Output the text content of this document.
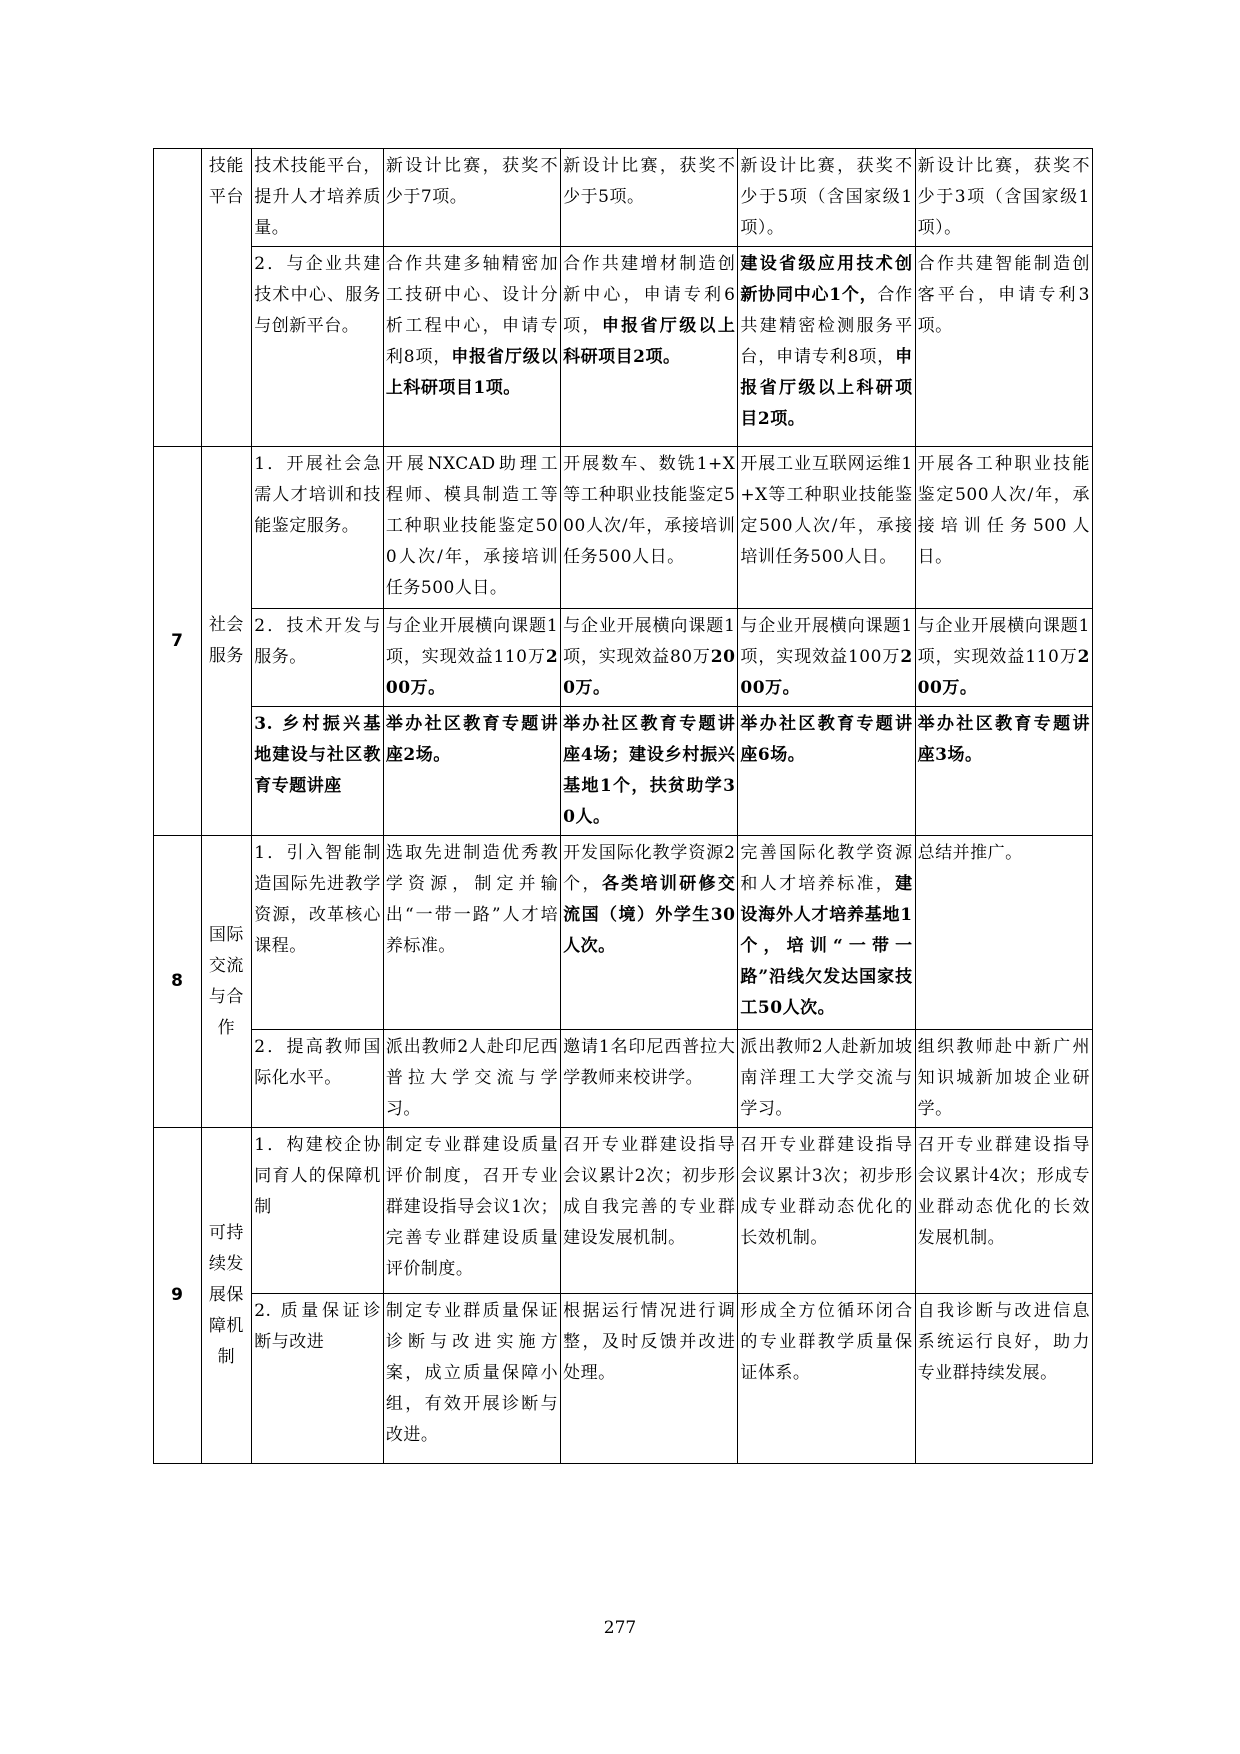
	技能平台	技术技能平台，提升人才培养质量。	新设计比赛，获奖不少于7项。	新设计比赛，获奖不少于5项。	新设计比赛，获奖不少于5项（含国家级1项）。	新设计比赛，获奖不少于3项（含国家级1项）。
		2．与企业共建技术中心、服务与创新平台。	合作共建多轴精密加工技研中心、设计分析工程中心，申请专利8项，申报省厅级以上科研项目1项。	合作共建增材制造创新中心，申请专利6项，申报省厅级以上科研项目2项。	建设省级应用技术创新协同中心1个，合作共建精密检测服务平台，申请专利8项，申报省厅级以上科研项目2项。	合作共建智能制造创客平台，申请专利3项。
7	社会服务	1．开展社会急需人才培训和技能鉴定服务。	开展NXCAD助理工程师、模具制造工等工种职业技能鉴定500人次/年，承接培训任务500人日。	开展数车、数铣1+X等工种职业技能鉴定500人次/年，承接培训任务500人日。	开展工业互联网运维1+X等工种职业技能鉴定500人次/年，承接培训任务500人日。	开展各工种职业技能鉴定500人次/年，承接培训任务500人日。
		2．技术开发与服务。	与企业开展横向课题1项，实现效益110万200万。	与企业开展横向课题1项，实现效益80万200万。	与企业开展横向课题1项，实现效益100万200万。	与企业开展横向课题1项，实现效益110万200万。
		3. 乡村振兴基地建设与社区教育专题讲座	举办社区教育专题讲座2场。	举办社区教育专题讲座4场；建设乡村振兴基地1个，扶贫助学30人。	举办社区教育专题讲座6场。	举办社区教育专题讲座3场。
8	国际交流与合作	1．引入智能制造国际先进教学资源，改革核心课程。	选取先进制造优秀教学资源，制定并输出“一带一路”人才培养标准。	开发国际化教学资源2个，各类培训研修交流国（境）外学生30人次。	完善国际化教学资源和人才培养标准，建设海外人才培养基地1个，培训“一带一路”沿线欠发达国家技工50人次。	总结并推广。
		2．提高教师国际化水平。	派出教师2人赴印尼西普拉大学交流与学习。	邀请1名印尼西普拉大学教师来校讲学。	派出教师2人赴新加坡南洋理工大学交流与学习。	组织教师赴中新广州知识城新加坡企业研学。
9	可持续发展保障机制	1．构建校企协同育人的保障机制	制定专业群建设质量评价制度，召开专业群建设指导会议1次；完善专业群建设质量评价制度。	召开专业群建设指导会议累计2次；初步形成自我完善的专业群建设发展机制。	召开专业群建设指导会议累计3次；初步形成专业群动态优化的长效机制。	召开专业群建设指导会议累计4次；形成专业群动态优化的长效发展机制。
		2. 质量保证诊断与改进	制定专业群质量保证诊断与改进实施方案，成立质量保障小组，有效开展诊断与改进。	根据运行情况进行调整，及时反馈并改进处理。	形成全方位循环闭合的专业群教学质量保证体系。	自我诊断与改进信息系统运行良好，助力专业群持续发展。
277
